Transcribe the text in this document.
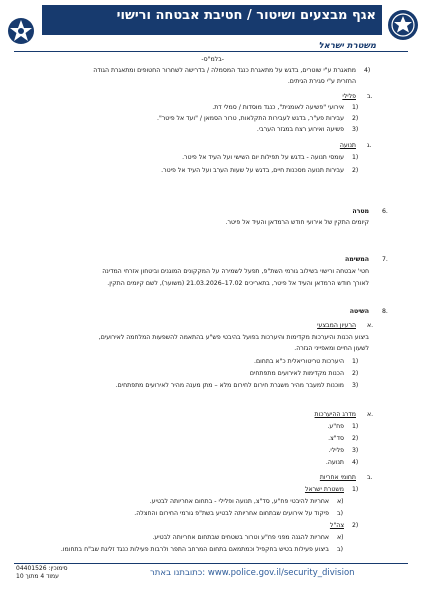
אגף מבצעים ושיטור / חטיבת אבטחה ורישוי
משטרת ישראל
-בלמ"ס-
4)
מתאגרת ע"י שוטרים, בדגש על מתאגרת כנגד המסמלה / בדרישה לשחרור החטופים ומתאגרת הגודה
החזרית ע"י סגירת הגיתים.
ב.
פלילי
1)
אירועי "פשיעה לאומנית", כנגד מוסדות / סמלי דת.
2)
עבירות פע"ר, בדגש לעבירות התקלאות, טרור הסמאן / "ועד אל פיטר".
3)
פשיעה ואירוע רצח במגזר הערבי.
ג.
תנועה
1)
עומסי תנועה - בדגש על תפילות יום השישי ועל העיד אל פיטר.
2)
עבירות תנועה מסכנות חיים, בדגש על שעות הערב ועל העיד אל פיטר.
6.
מטרה
קיומים התקין של אירועי חודש הרמדאן והעיד אל פיטר.
7.
המשימה
חטי' אבטחה ורישוי בשילוב גורמי השת"פ, תפעל לשמירה על המקקונים המוגנים וביטחון אזרחי המדינה
לאורך חודש הרמדאן והעיד אל פיטר, בתאריכים 17.02–21.03.2026 (משוער), לשם קיומים התקין.
8.
השיטה
א.
הרעיון המבצעי
ביצוע הכנות והיערכות מקדימות והיערכות בפועל בהיבטי פש"ע בהתאמה להשפעות המלחמה לאירועים,
לשעון החיים ומאפייני הגזרה.
1)
היערכות טריטוריאלית כ"א בתחום.
2)
הכנות מקדימות לאירועים מתפתחים
3)
מוכנות למעבר מהיר משגרת חירום לחירום מלא – מתן מענה מהיר לאירועים מתפתחים.
א.
מדרג ההיערכות
1)
פח"ע.
2)
סד"צ.
3)
פלילי.
4)
תנועה.
ב.
תחומי אחריות
1)
משטרת ישראל
א)
אחריות להיבטי פח"ע, סד"צ, תנועה ופלילי - בתחום אחריותה לבטיע.
ב)
פיקוד על אירועים שבתחום אחריותה לבטיע בשת"פ גורמי החירום והחצלה.
2)
צה"ל
א)
אחריות להגנה מפני פח"ע וטרור בשטחים שבתחום אחריותה לבטיע.
ב)
ביצוע פעילות בטיש בחקפיל וכמתמאם בתחום המרחב התפר ולרבות פעילות כנגד זליגת שב"ח בתחומו.
www.police.gov.il/security_division :כתובתנו באתר
סימוכין: 04401526
עמוד 4 מתוך 10
